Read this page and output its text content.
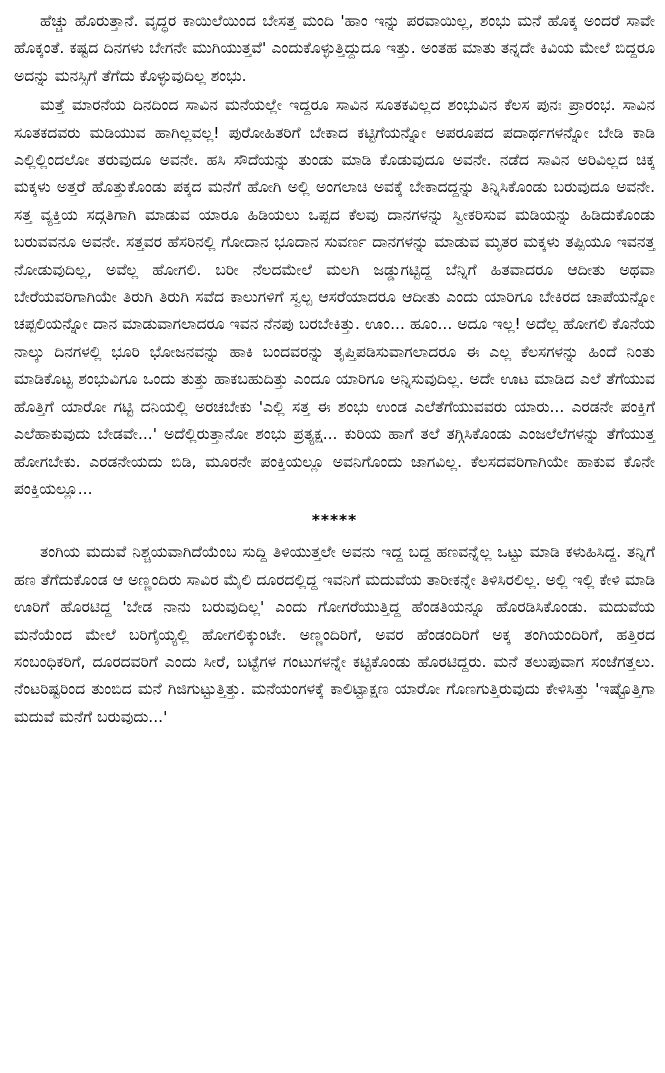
ಹೆಚ್ಚು ಹೊರುತ್ತಾನೆ. ವೃದ್ಧರ ಕಾಯಿಲೆಯಿಂದ ಬೇಸತ್ತ ಮಂದಿ 'ಹಾಂ ಇನ್ನು ಪರವಾಯಿಲ್ಲ, ಶಂಭು ಮನೆ ಹೊಕ್ಕ ಅಂದರೆ ಸಾವೇ ಹೊಕ್ಕಂತೆ. ಕಷ್ಟದ ದಿನಗಳು ಬೇಗನೇ ಮುಗಿಯುತ್ತವೆ' ಎಂದುಕೊಳ್ಳುತ್ತಿದ್ದುದೂ ಇತ್ತು. ಅಂತಹ ಮಾತು ತನ್ನದೇ ಕಿವಿಯ ಮೇಲೆ ಬಿದ್ದರೂ ಅದನ್ನು ಮನಸ್ಸಿಗೆ ತೆಗೆದು ಕೊಳ್ಳುವುದಿಲ್ಲ ಶಂಭು.

ಮತ್ತೆ ಮಾರನೆಯ ದಿನದಿಂದ ಸಾವಿನ ಮನೆಯಲ್ಲೇ ಇದ್ದರೂ ಸಾವಿನ ಸೂತಕವಿಲ್ಲದ ಶಂಭುವಿನ ಕೆಲಸ ಪುನಃ ಪ್ರಾರಂಭ. ಸಾವಿನ ಸೂತಕದವರು ಮಡಿಯುವ ಹಾಗಿಲ್ಲವಲ್ಲ! ಪುರೋಹಿತರಿಗೆ ಬೇಕಾದ ಕಟ್ಟಿಗೆಯನ್ನೋ ಅಪರೂಪದ ಪದಾರ್ಥಗಳನ್ನೋ ಬೇಡಿ ಕಾಡಿ ಎಲ್ಲಿಲ್ಲಿಂದಲೋ ತರುವುದೂ ಅವನೇ. ಹಸಿ ಸೌದೆಯನ್ನು ತುಂಡು ಮಾಡಿ ಕೊಡುವುದೂ ಅವನೇ. ನಡೆದ ಸಾವಿನ ಅರಿವಿಲ್ಲದ ಚಿಕ್ಕ ಮಕ್ಕಳು ಅತ್ತರೆ ಹೊತ್ತುಕೊಂಡು ಪಕ್ಕದ ಮನೆಗೆ ಹೋಗಿ ಅಲ್ಲಿ ಅಂಗಲಾಚಿ ಅವಕ್ಕೆ ಬೇಕಾದದ್ದನ್ನು ತಿನ್ನಿಸಿಕೊಂಡು ಬರುವುದೂ ಅವನೇ. ಸತ್ತ ವ್ಯಕ್ತಿಯ ಸದ್ಗತಿಗಾಗಿ ಮಾಡುವ ಯಾರೂ ಹಿಡಿಯಲು ಒಪ್ಪದ ಕೆಲವು ದಾನಗಳನ್ನು ಸ್ವೀಕರಿಸುವ ಮಡಿಯನ್ನು ಹಿಡಿದುಕೊಂಡು ಬರುವವನೂ ಅವನೇ. ಸತ್ತವರ ಹೆಸರಿನಲ್ಲಿ ಗೋದಾನ ಭೂದಾನ ಸುವರ್ಣ ದಾನಗಳನ್ನು ಮಾಡುವ ಮೃತರ ಮಕ್ಕಳು ತಪ್ಪಿಯೂ ಇವನತ್ತ ನೋಡುವುದಿಲ್ಲ, ಅವೆಲ್ಲ ಹೋಗಲಿ. ಬರೀ ನೆಲದಮೇಲೆ ಮಲಗಿ ಜಡ್ಡುಗಟ್ಟಿದ್ದ ಬೆನ್ನಿಗೆ ಹಿತವಾದರೂ ಆದೀತು ಅಥವಾ ಬೇರೆಯವರಿಗಾಗಿಯೇ ತಿರುಗಿ ತಿರುಗಿ ಸವೆದ ಕಾಲುಗಳಿಗೆ ಸ್ವಲ್ಪ ಆಸರೆಯಾದರೂ ಆದೀತು ಎಂದು ಯಾರಿಗೂ ಬೇಕಿರದ ಚಾಪೆಯನ್ನೋ ಚಪ್ಪಲಿಯನ್ನೋ ದಾನ ಮಾಡುವಾಗಲಾದರೂ ಇವನ ನೆನಪು ಬರಬೇಕಿತ್ತು. ಊಂ... ಹೂಂ... ಅದೂ ಇಲ್ಲ! ಅದೆಲ್ಲ ಹೋಗಲಿ ಕೊನೆಯ ನಾಲ್ಕು ದಿನಗಳಲ್ಲಿ ಭೂರಿ ಭೋಜನವನ್ನು ಹಾಕಿ ಬಂದವರನ್ನು ತೃಪ್ತಿಪಡಿಸುವಾಗಲಾದರೂ ಈ ಎಲ್ಲ ಕೆಲಸಗಳನ್ನು ಹಿಂದೆ ನಿಂತು ಮಾಡಿಕೊಟ್ಟ ಶಂಭುವಿಗೂ ಒಂದು ತುತ್ತು ಹಾಕಬಹುದಿತ್ತು ಎಂದೂ ಯಾರಿಗೂ ಅನ್ನಿಸುವುದಿಲ್ಲ. ಅದೇ ಊಟ ಮಾಡಿದ ಎಲೆ ತೆಗೆಯುವ ಹೊತ್ತಿಗೆ ಯಾರೋ ಗಟ್ಟಿ ದನಿಯಲ್ಲಿ ಅರಚಬೇಕು 'ಎಲ್ಲಿ ಸತ್ತ ಈ ಶಂಭು ಉಂಡ ಎಲೆತೆಗೆಯುವವರು ಯಾರು... ಎರಡನೇ ಪಂಕ್ತಿಗೆ ಎಲೆಹಾಕುವುದು ಬೇಡವೇ...' ಅದೆಲ್ಲಿರುತ್ತಾನೋ ಶಂಭು ಪ್ರತ್ಯಕ್ಷ... ಕುರಿಯ ಹಾಗೆ ತಲೆ ತಗ್ಗಿಸಿಕೊಂಡು ಎಂಜಲೆಲೆಗಳನ್ನು ತೆಗೆಯುತ್ತ ಹೋಗಬೇಕು. ಎರಡನೇಯದು ಬಿಡಿ, ಮೂರನೇ ಪಂಕ್ತಿಯಲ್ಲೂ ಅವನಿಗೊಂದು ಜಾಗವಿಲ್ಲ. ಕೆಲಸದವರಿಗಾಗಿಯೇ ಹಾಕುವ ಕೊನೇ ಪಂಕ್ತಿಯಲ್ಲೂ...

*****

ತಂಗಿಯ ಮದುವೆ ನಿಶ್ಚಯವಾಗಿದೆಯೆಂಬ ಸುದ್ದಿ ತಿಳಿಯುತ್ತಲೇ ಅವನು ಇದ್ದ ಬದ್ದ ಹಣವನ್ನೆಲ್ಲ ಒಟ್ಟು ಮಾಡಿ ಕಳುಹಿಸಿದ್ದ. ತನ್ನಿಗೆ ಹಣ ತೆಗೆದುಕೊಂಡ ಆ ಅಣ್ಣಂದಿರು ಸಾವಿರ ಮೈಲಿ ದೂರದಲ್ಲಿದ್ದ ಇವನಿಗೆ ಮದುವೆಯ ತಾರೀಕನ್ನೇ ತಿಳಿಸಿರಲಿಲ್ಲ. ಅಲ್ಲಿ ಇಲ್ಲಿ ಕೇಳಿ ಮಾಡಿ ಊರಿಗೆ ಹೊರಟಿದ್ದ 'ಬೇಡ ನಾನು ಬರುವುದಿಲ್ಲ' ಎಂದು ಗೋಗರೆಯುತ್ತಿದ್ದ ಹೆಂಡತಿಯನ್ನೂ ಹೊರಡಿಸಿಕೊಂಡು. ಮದುವೆಯ ಮನೆಯೆಂದ ಮೇಲೆ ಬರಿಗೈಯ್ಯಲ್ಲಿ ಹೋಗಲಿಕ್ಕುಂಟೇ. ಅಣ್ಣಂದಿರಿಗೆ, ಅವರ ಹೆಂಡಂದಿರಿಗೆ ಅಕ್ಕ ತಂಗಿಯಂದಿರಿಗೆ, ಹತ್ತಿರದ ಸಂಬಂಧಿಕರಿಗೆ, ದೂರದವರಿಗೆ ಎಂದು ಸೀರೆ, ಬಟ್ಟೆಗಳ ಗಂಟುಗಳನ್ನೇ ಕಟ್ಟಿಕೊಂಡು ಹೊರಟಿದ್ದರು. ಮನೆ ತಲುಪುವಾಗ ಸಂಜೆಗತ್ತಲು. ನೆಂಟರಿಷ್ಟರಿಂದ ತುಂಬಿದ ಮನೆ ಗಿಜಿಗುಟ್ಟುತ್ತಿತ್ತು. ಮನೆಯಂಗಳಕ್ಕೆ ಕಾಲಿಟ್ಟಾಕ್ಷಣ ಯಾರೋ ಗೊಣಗುತ್ತಿರುವುದು ಕೇಳಿಸಿತ್ತು 'ಇಷ್ಟೊತ್ತಿಗಾ ಮದುವೆ ಮನೆಗೆ ಬರುವುದು...'
